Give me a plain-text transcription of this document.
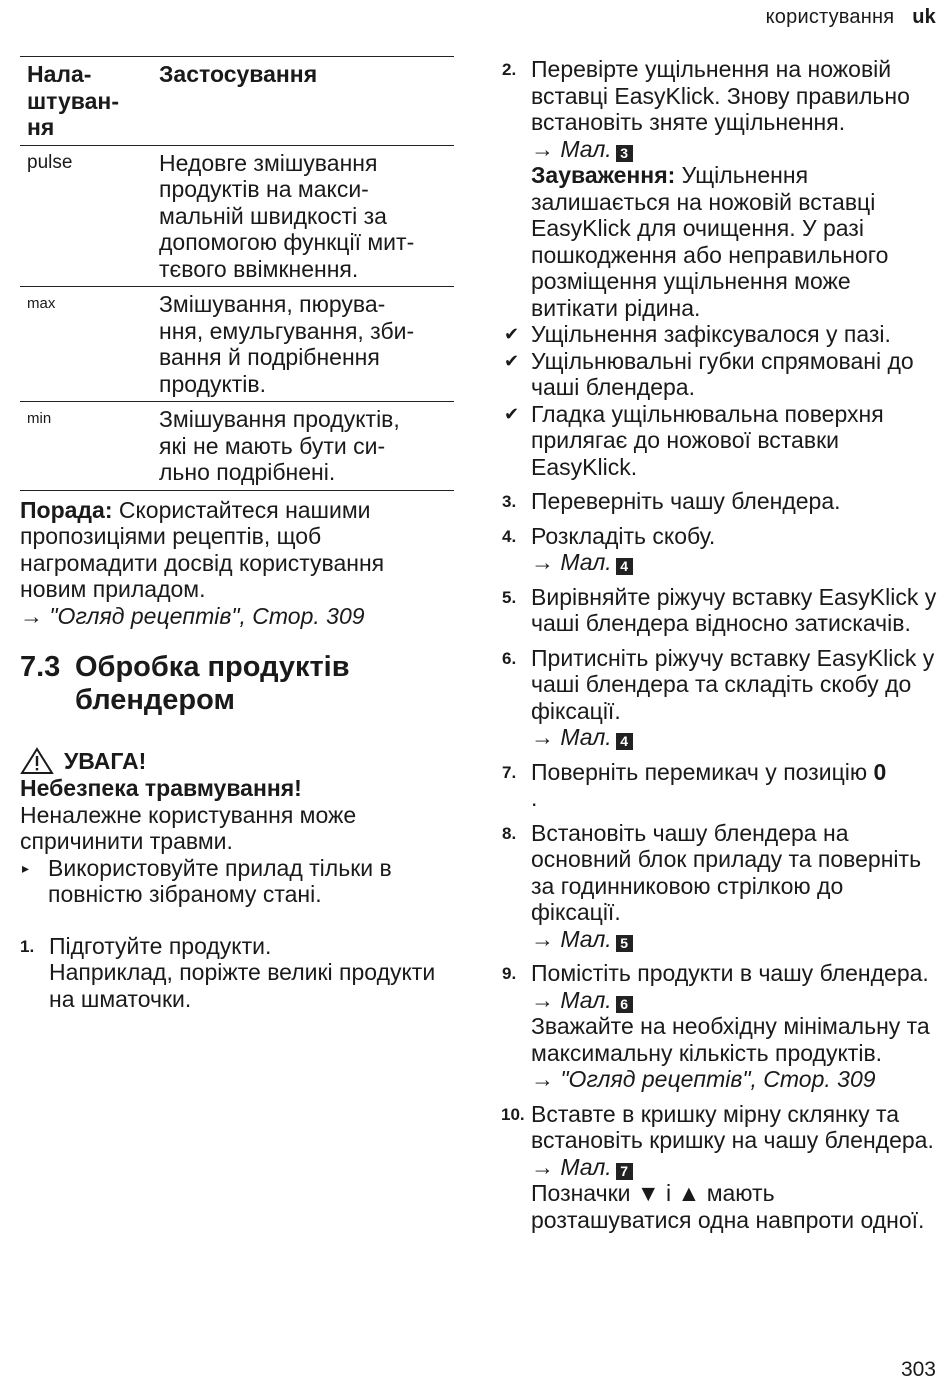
користування uk
Нала-
штуван-
ня	Застосування
pulse	Недовге змішування
продуктів на макси-
мальній швидкості за
допомогою функції мит-
тєвого ввімкнення.
max	Змішування, пюрува-
ння, емульгування, зби-
вання й подрібнення
продуктів.
min	Змішування продуктів,
які не мають бути си-
льно подрібнені.
Порада: Скористайтеся нашими пропозиціями рецептів, щоб нагромадити досвід користування новим приладом.
→ "Огляд рецептів", Стор. 309
7.3 Обробка продуктів блендером
УВАГА!
Небезпека травмування!
Неналежне користування може спричинити травми.
▸ Використовуйте прилад тільки в повністю зібраному стані.
1. Підготуйте продукти.

Наприклад, поріжте великі продукти на шматочки.

2. Перевірте ущільнення на ножовій вставці EasyKlick. Знову правильно встановіть зняте ущільнення.

→ Мал. 3

Зауваження: Ущільнення залишається на ножовій вставці EasyKlick для очищення. У разі пошкодження або неправильного розміщення ущільнення може витікати рідина.

✔ Ущільнення зафіксувалося у пазі.
✔ Ущільнювальні губки спрямовані до чаші блендера.
✔ Гладка ущільнювальна поверхня прилягає до ножової вставки EasyKlick.
3. Переверніть чашу блендера.

4. Розкладіть скобу.

→ Мал. 4

5. Вирівняйте ріжучу вставку EasyKlick у чаші блендера відносно затискачів.

6. Притисніть ріжучу вставку EasyKlick у чаші блендера та складіть скобу до фіксації.

→ Мал. 4

7. Поверніть перемикач у позицію 0
.

8. Встановіть чашу блендера на основний блок приладу та поверніть за годинниковою стрілкою до фіксації.

→ Мал. 5

9. Помістіть продукти в чашу блендера.

→ Мал. 6

Зважайте на необхідну мінімальну та максимальну кількість продуктів.

→ "Огляд рецептів", Стор. 309

10. Вставте в кришку мірну склянку та встановіть кришку на чашу блендера.

→ Мал. 7

Позначки ▼ і ▲ мають розташуватися одна навпроти одної.

303
